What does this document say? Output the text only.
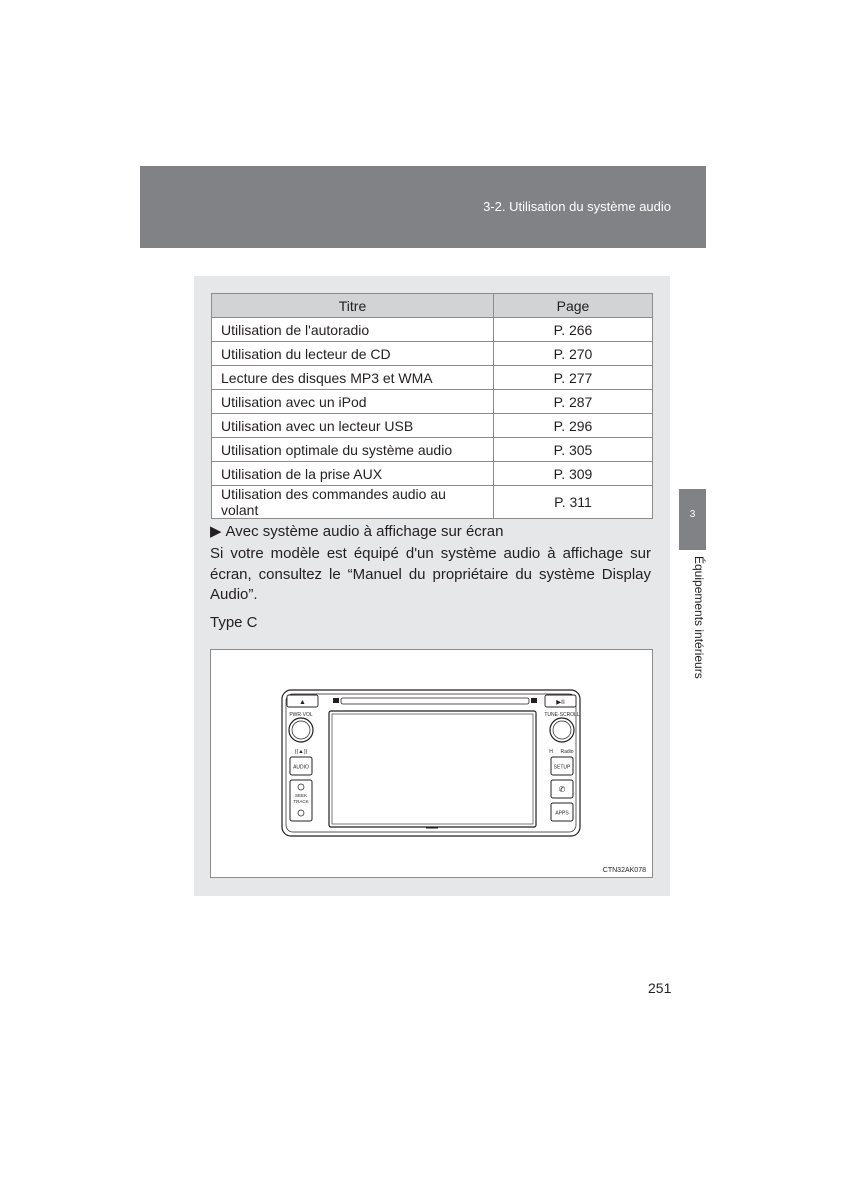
3-2. Utilisation du système audio
3
Équipements intérieurs
Titre	Page
Utilisation de l'autoradio	P. 266
Utilisation du lecteur de CD	P. 270
Lecture des disques MP3 et WMA	P. 277
Utilisation avec un iPod	P. 287
Utilisation avec un lecteur USB	P. 296
Utilisation optimale du système audio	P. 305
Utilisation de la prise AUX	P. 309
Utilisation des commandes audio au volant	P. 311
▶ Avec système audio à affichage sur écran
Si votre modèle est équipé d'un système audio à affichage sur écran, consultez le “Manuel du propriétaire du système Display Audio”.
Type C
▲	▶II
PWR·VOL
((▲))
TUNE·SCROLL
Radio
H
AUDIO
SEEK
TRACK
SETUP
✆
APPS
CTN32AK078
251
